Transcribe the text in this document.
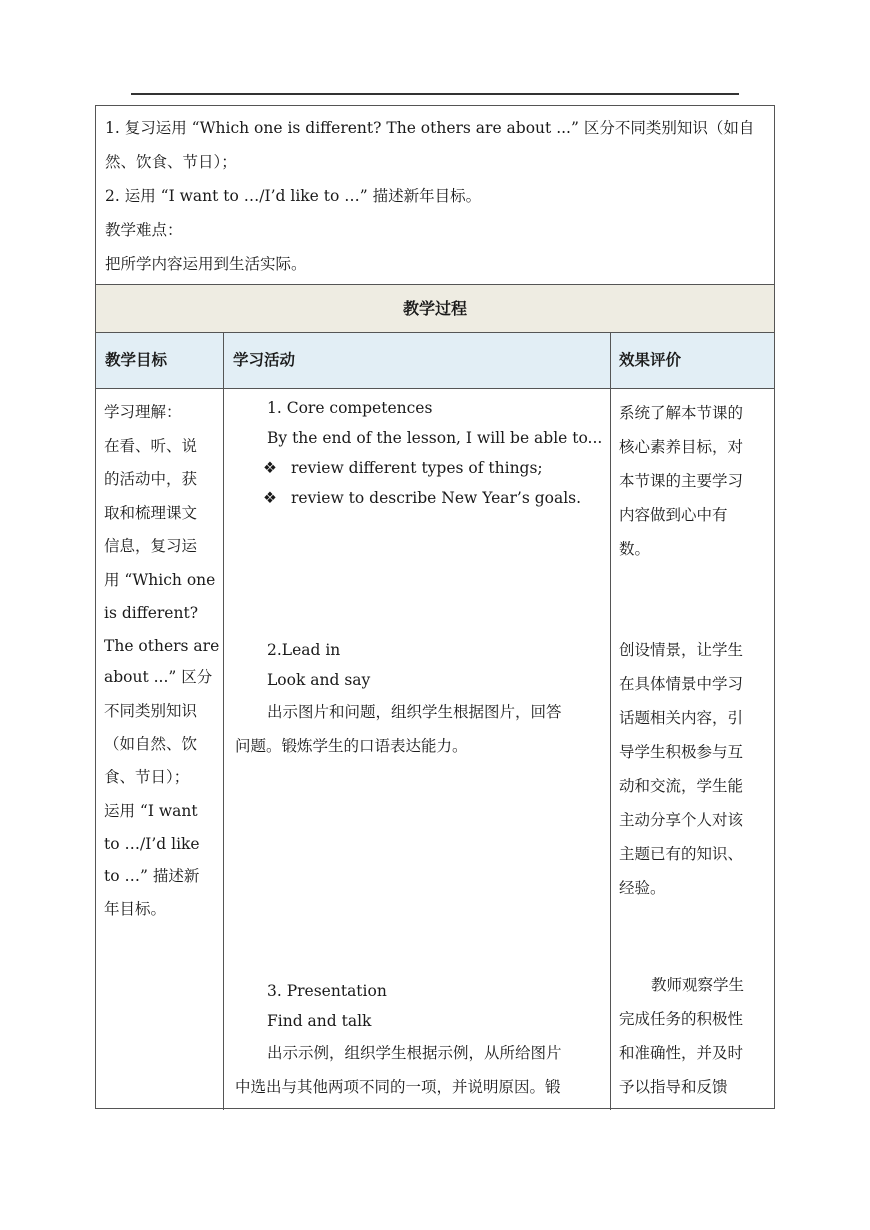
1. 复习运用 “Which one is different? The others are about ...” 区分不同类别知识（如自
然、饮食、节日）；
2. 运用 “I want to …/I’d like to …” 描述新年目标。
教学难点：
把所学内容运用到生活实际。
教学过程
教学目标	学习活动	效果评价
学习理解：
在看、听、说
的活动中，获
取和梳理课文
信息，复习运
用 “Which one
is different?
The others are
about ...” 区分
不同类别知识
（如自然、饮
食、节日）；
运用 “I want
to …/I’d like
to …” 描述新
年目标。
1. Core competences
By the end of the lesson, I will be able to...
❖ review different types of things;
❖ review to describe New Year’s goals.
2.Lead in
Look and say
出示图片和问题，组织学生根据图片，回答
问题。锻炼学生的口语表达能力。
3. Presentation
Find and talk
出示示例，组织学生根据示例，从所给图片
中选出与其他两项不同的一项，并说明原因。锻
系统了解本节课的
核心素养目标，对
本节课的主要学习
内容做到心中有
数。
创设情景，让学生
在具体情景中学习
话题相关内容，引
导学生积极参与互
动和交流，学生能
主动分享个人对该
主题已有的知识、
经验。
教师观察学生
完成任务的积极性
和准确性，并及时
予以指导和反馈
